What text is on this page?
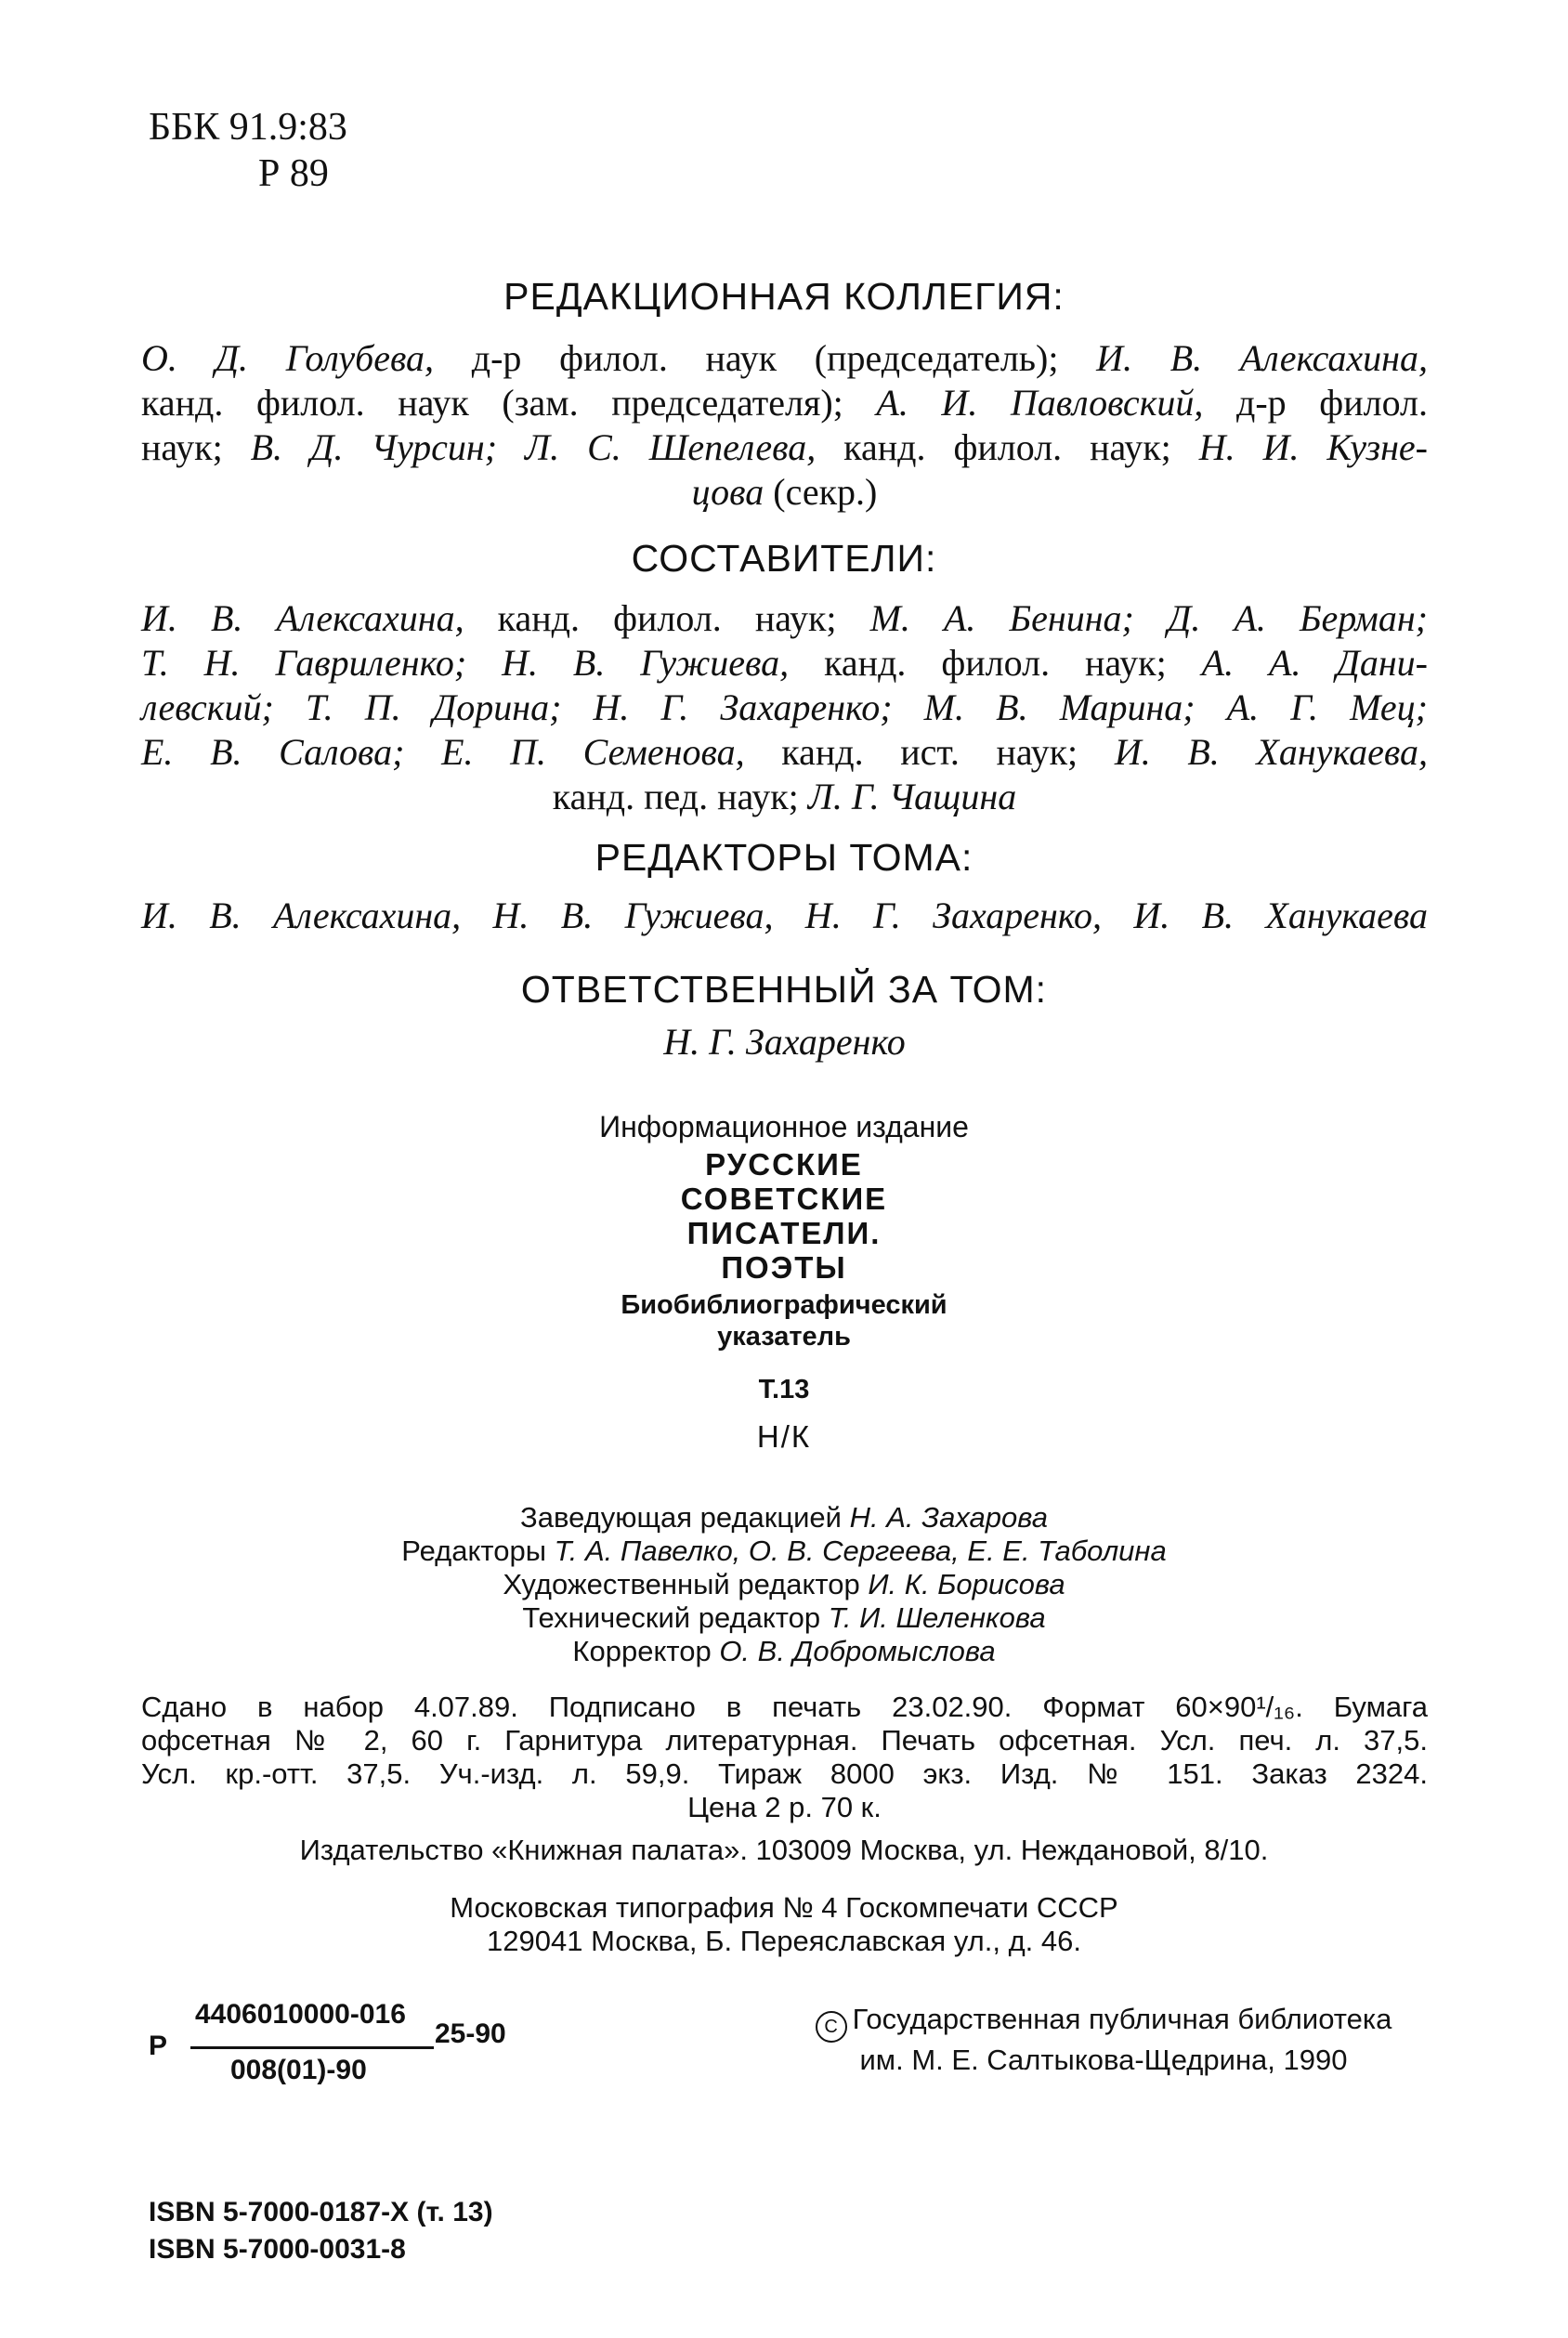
ББК 91.9:83
Р 89
РЕДАКЦИОННАЯ КОЛЛЕГИЯ:
О. Д. Голубева, д-р филол. наук (председатель); И. В. Алексахина,
канд. филол. наук (зам. председателя); А. И. Павловский, д-р филол.
наук; В. Д. Чурсин; Л. С. Шепелева, канд. филол. наук; Н. И. Кузне-
цова (секр.)
СОСТАВИТЕЛИ:
И. В. Алексахина, канд. филол. наук; М. А. Бенина; Д. А. Берман;
Т. Н. Гавриленко; Н. В. Гужиева, канд. филол. наук; А. А. Дани-
левский; Т. П. Дорина; Н. Г. Захаренко; М. В. Марина; А. Г. Мец;
Е. В. Салова; Е. П. Семенова, канд. ист. наук; И. В. Ханукаева,
канд. пед. наук; Л. Г. Чащина
РЕДАКТОРЫ ТОМА:
И. В. Алексахина, Н. В. Гужиева, Н. Г. Захаренко, И. В. Ханукаева
ОТВЕТСТВЕННЫЙ ЗА ТОМ:
Н. Г. Захаренко
Информационное издание
РУССКИЕ
СОВЕТСКИЕ
ПИСАТЕЛИ.
ПОЭТЫ
Биобиблиографический
указатель
Т.13
Н/К
Заведующая редакцией Н. А. Захарова
Редакторы Т. А. Павелко, О. В. Сергеева, Е. Е. Таболина
Художественный редактор И. К. Борисова
Технический редактор Т. И. Шеленкова
Корректор О. В. Добромыслова
Сдано в набор 4.07.89. Подписано в печать 23.02.90. Формат 60×90¹/₁₆. Бумага
офсетная № 2, 60 г. Гарнитура литературная. Печать офсетная. Усл. печ. л. 37,5.
Усл. кр.-отт. 37,5. Уч.-изд. л. 59,9. Тираж 8000 экз. Изд. № 151. Заказ 2324.
Цена 2 р. 70 к.
Издательство «Книжная палата». 103009 Москва, ул. Неждановой, 8/10.
Московская типография № 4 Госкомпечати СССР
129041 Москва, Б. Переяславская ул., д. 46.
Р
4406010000-016
008(01)-90
25-90	C Государственная публичная библиотека
им. М. Е. Салтыкова-Щедрина, 1990
ISBN 5-7000-0187-X (т. 13)
ISBN 5-7000-0031-8
